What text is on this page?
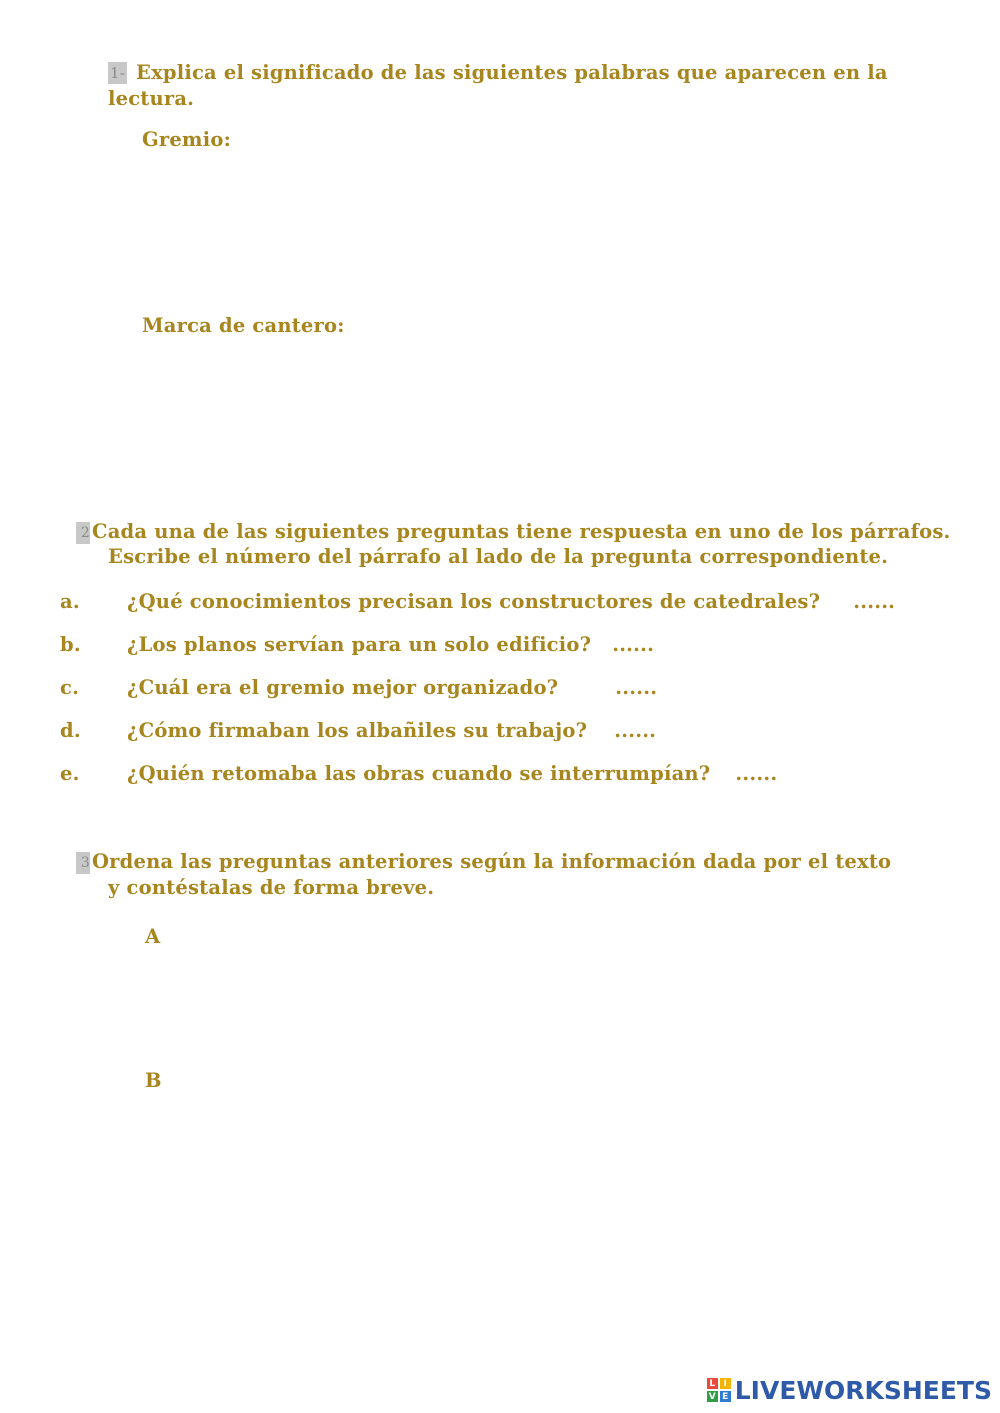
1- Explica el significado de las siguientes palabras que aparecen en la
lectura.
Gremio:
Marca de cantero:
2 Cada una de las siguientes preguntas tiene respuesta en uno de los párrafos.
Escribe el número del párrafo al lado de la pregunta correspondiente.
a. ¿Qué conocimientos precisan los constructores de catedrales? ......
b. ¿Los planos servían para un solo edificio? ......
c. ¿Cuál era el gremio mejor organizado?	......
d. ¿Cómo firmaban los albañiles su trabajo? ......
e. ¿Quién retomaba las obras cuando se interrumpían? ......
3 Ordena las preguntas anteriores según la información dada por el texto
y contéstalas de forma breve.
A
B
L I
V E LIVEWORKSHEETS
